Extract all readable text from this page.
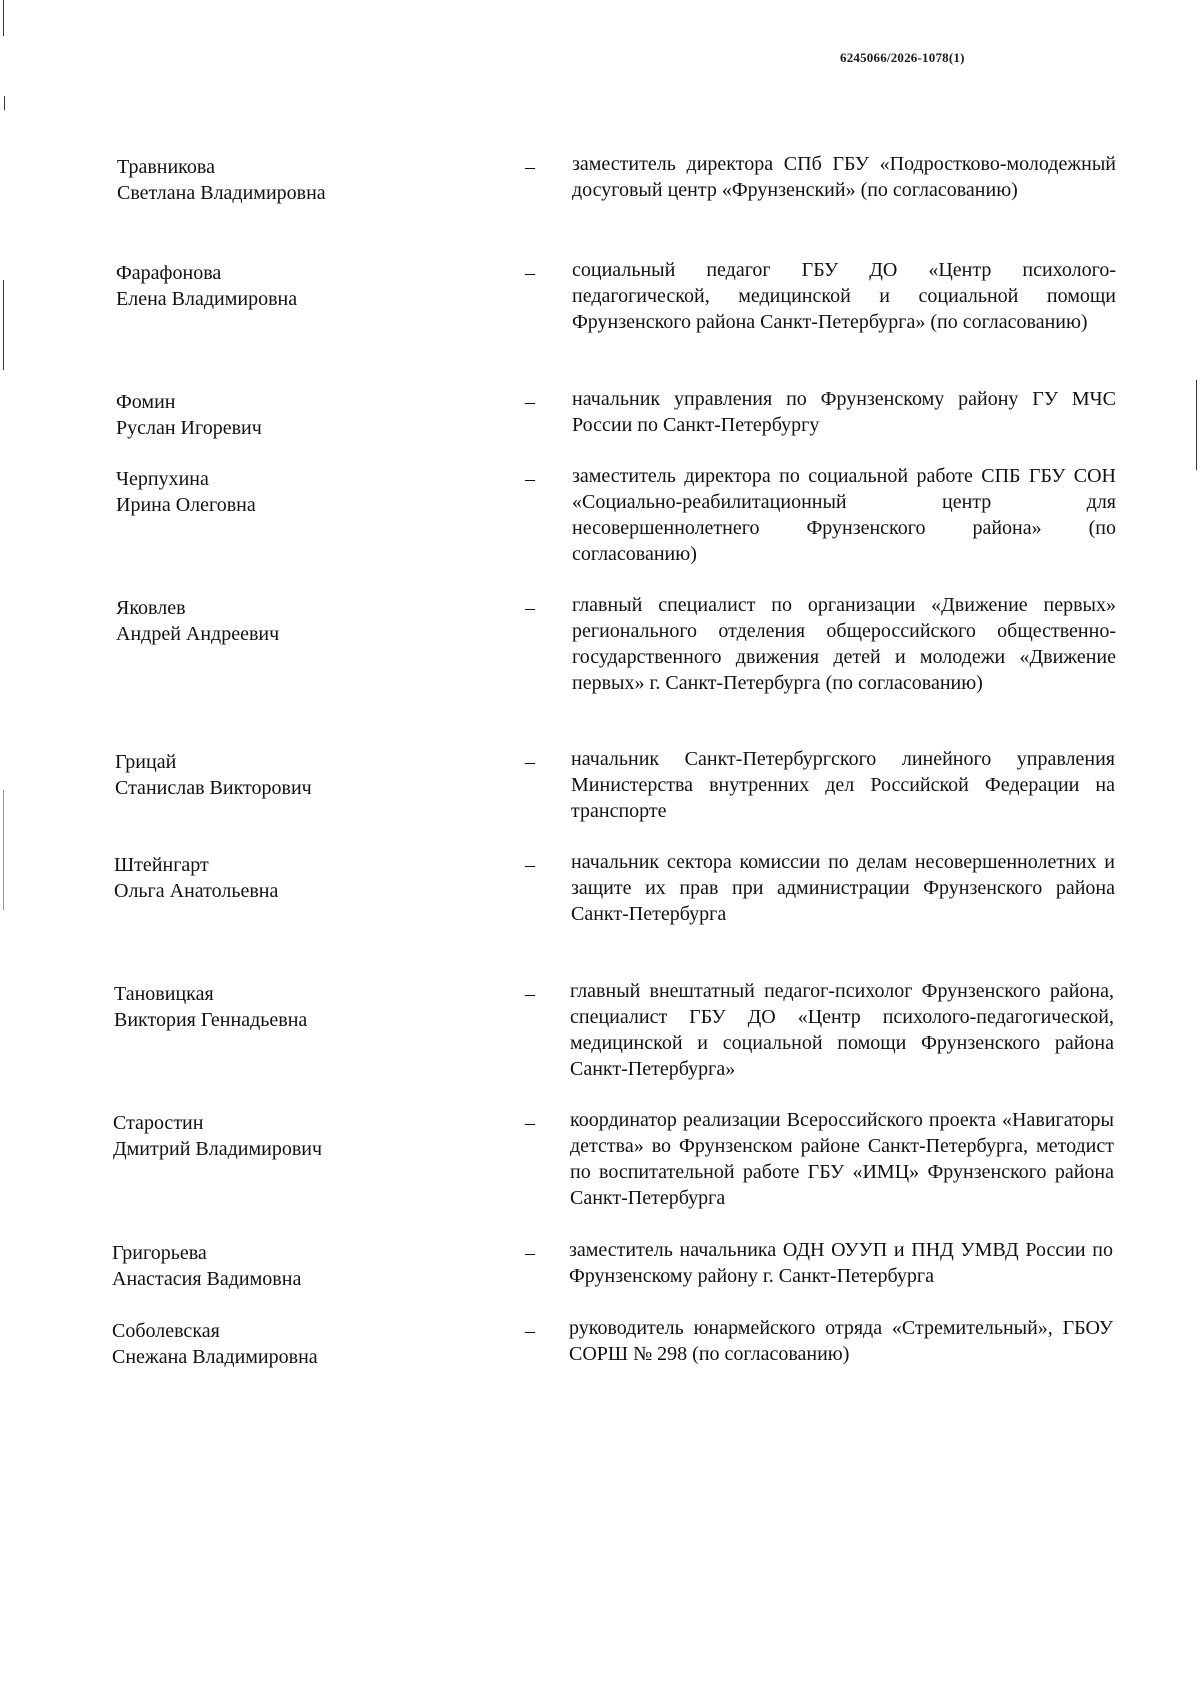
6245066/2026-1078(1)
Травникова
Светлана Владимировна
– заместитель директора СПб ГБУ «Подростково-молодежный досуговый центр «Фрунзенский» (по согласованию)
Фарафонова
Елена Владимировна
– социальный педагог ГБУ ДО «Центр психолого-педагогической, медицинской и социальной помощи Фрунзенского района Санкт-Петербурга» (по согласованию)
Фомин
Руслан Игоревич
– начальник управления по Фрунзенскому району ГУ МЧС России по Санкт-Петербургу
Черпухина
Ирина Олеговна
– заместитель директора по социальной работе СПБ ГБУ СОН «Социально-реабилитационный центр для несовершеннолетнего Фрунзенского района» (по согласованию)
Яковлев
Андрей Андреевич
– главный специалист по организации «Движение первых» регионального отделения общероссийского общественно-государственного движения детей и молодежи «Движение первых» г. Санкт-Петербурга (по согласованию)
Грицай
Станислав Викторович
– начальник Санкт-Петербургского линейного управления Министерства внутренних дел Российской Федерации на транспорте
Штейнгарт
Ольга Анатольевна
– начальник сектора комиссии по делам несовершеннолетних и защите их прав при администрации Фрунзенского района Санкт-Петербурга
Тановицкая
Виктория Геннадьевна
– главный внештатный педагог-психолог Фрунзенского района, специалист ГБУ ДО «Центр психолого-педагогической, медицинской и социальной помощи Фрунзенского района Санкт-Петербурга»
Старостин
Дмитрий Владимирович
– координатор реализации Всероссийского проекта «Навигаторы детства» во Фрунзенском районе Санкт-Петербурга, методист по воспитательной работе ГБУ «ИМЦ» Фрунзенского района Санкт-Петербурга
Григорьева
Анастасия Вадимовна
– заместитель начальника ОДН ОУУП и ПНД УМВД России по Фрунзенскому району г. Санкт-Петербурга
Соболевская
Снежана Владимировна
– руководитель юнармейского отряда «Стремительный», ГБОУ СОРШ № 298 (по согласованию)
